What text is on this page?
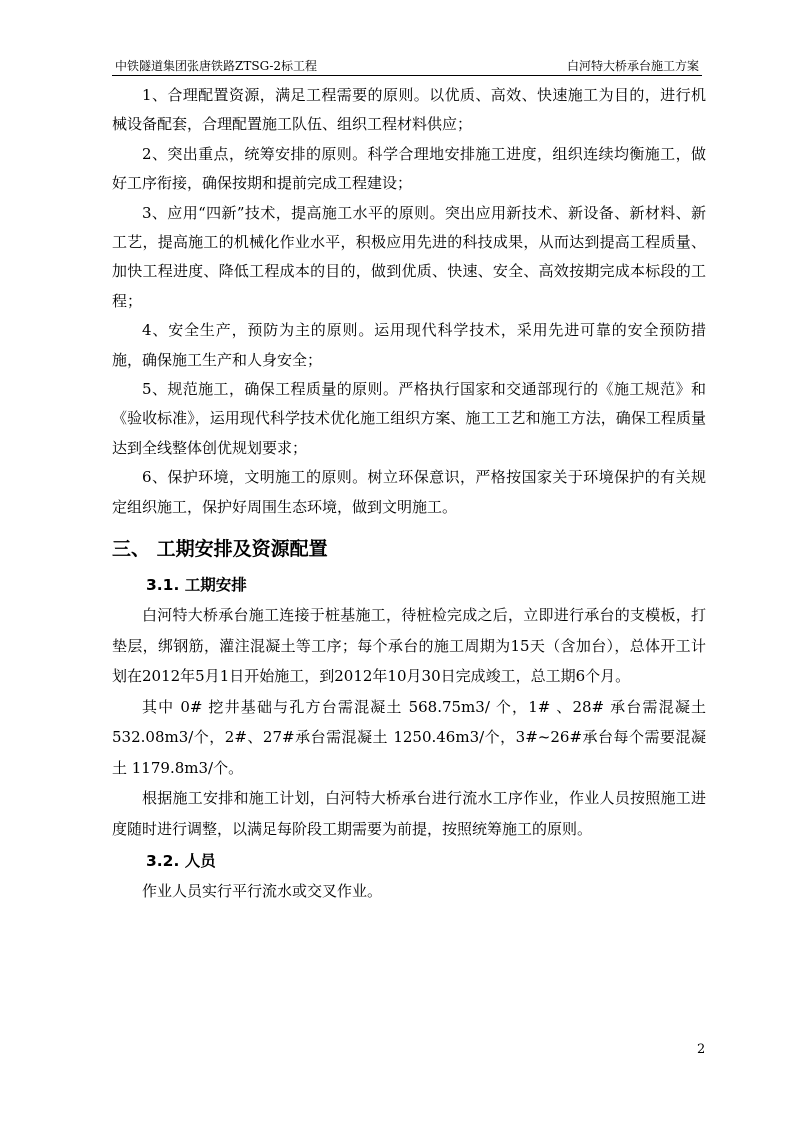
中铁隧道集团张唐铁路ZTSG-2标工程	白河特大桥承台施工方案

1、合理配置资源，满足工程需要的原则。以优质、高效、快速施工为目的，进行机械设备配套，合理配置施工队伍、组织工程材料供应；

2、突出重点，统筹安排的原则。科学合理地安排施工进度，组织连续均衡施工，做好工序衔接，确保按期和提前完成工程建设；

3、应用“四新”技术，提高施工水平的原则。突出应用新技术、新设备、新材料、新工艺，提高施工的机械化作业水平，积极应用先进的科技成果，从而达到提高工程质量、加快工程进度、降低工程成本的目的，做到优质、快速、安全、高效按期完成本标段的工程；

4、安全生产，预防为主的原则。运用现代科学技术，采用先进可靠的安全预防措施，确保施工生产和人身安全；

5、规范施工，确保工程质量的原则。严格执行国家和交通部现行的《施工规范》和《验收标准》，运用现代科学技术优化施工组织方案、施工工艺和施工方法，确保工程质量达到全线整体创优规划要求；

6、保护环境，文明施工的原则。树立环保意识，严格按国家关于环境保护的有关规定组织施工，保护好周围生态环境，做到文明施工。

三、 工期安排及资源配置
3.1. 工期安排

白河特大桥承台施工连接于桩基施工，待桩检完成之后，立即进行承台的支模板，打垫层，绑钢筋，灌注混凝土等工序；每个承台的施工周期为15天（含加台），总体开工计划在2012年5月1日开始施工，到2012年10月30日完成竣工，总工期6个月。

其中 0# 挖井基础与孔方台需混凝土 568.75m3/ 个，1# 、28# 承台需混凝土 532.08m3/个，2#、27#承台需混凝土 1250.46m3/个，3#~26#承台每个需要混凝土 1179.8m3/个。

根据施工安排和施工计划，白河特大桥承台进行流水工序作业，作业人员按照施工进度随时进行调整，以满足每阶段工期需要为前提，按照统筹施工的原则。

3.2. 人员

作业人员实行平行流水或交叉作业。

2
